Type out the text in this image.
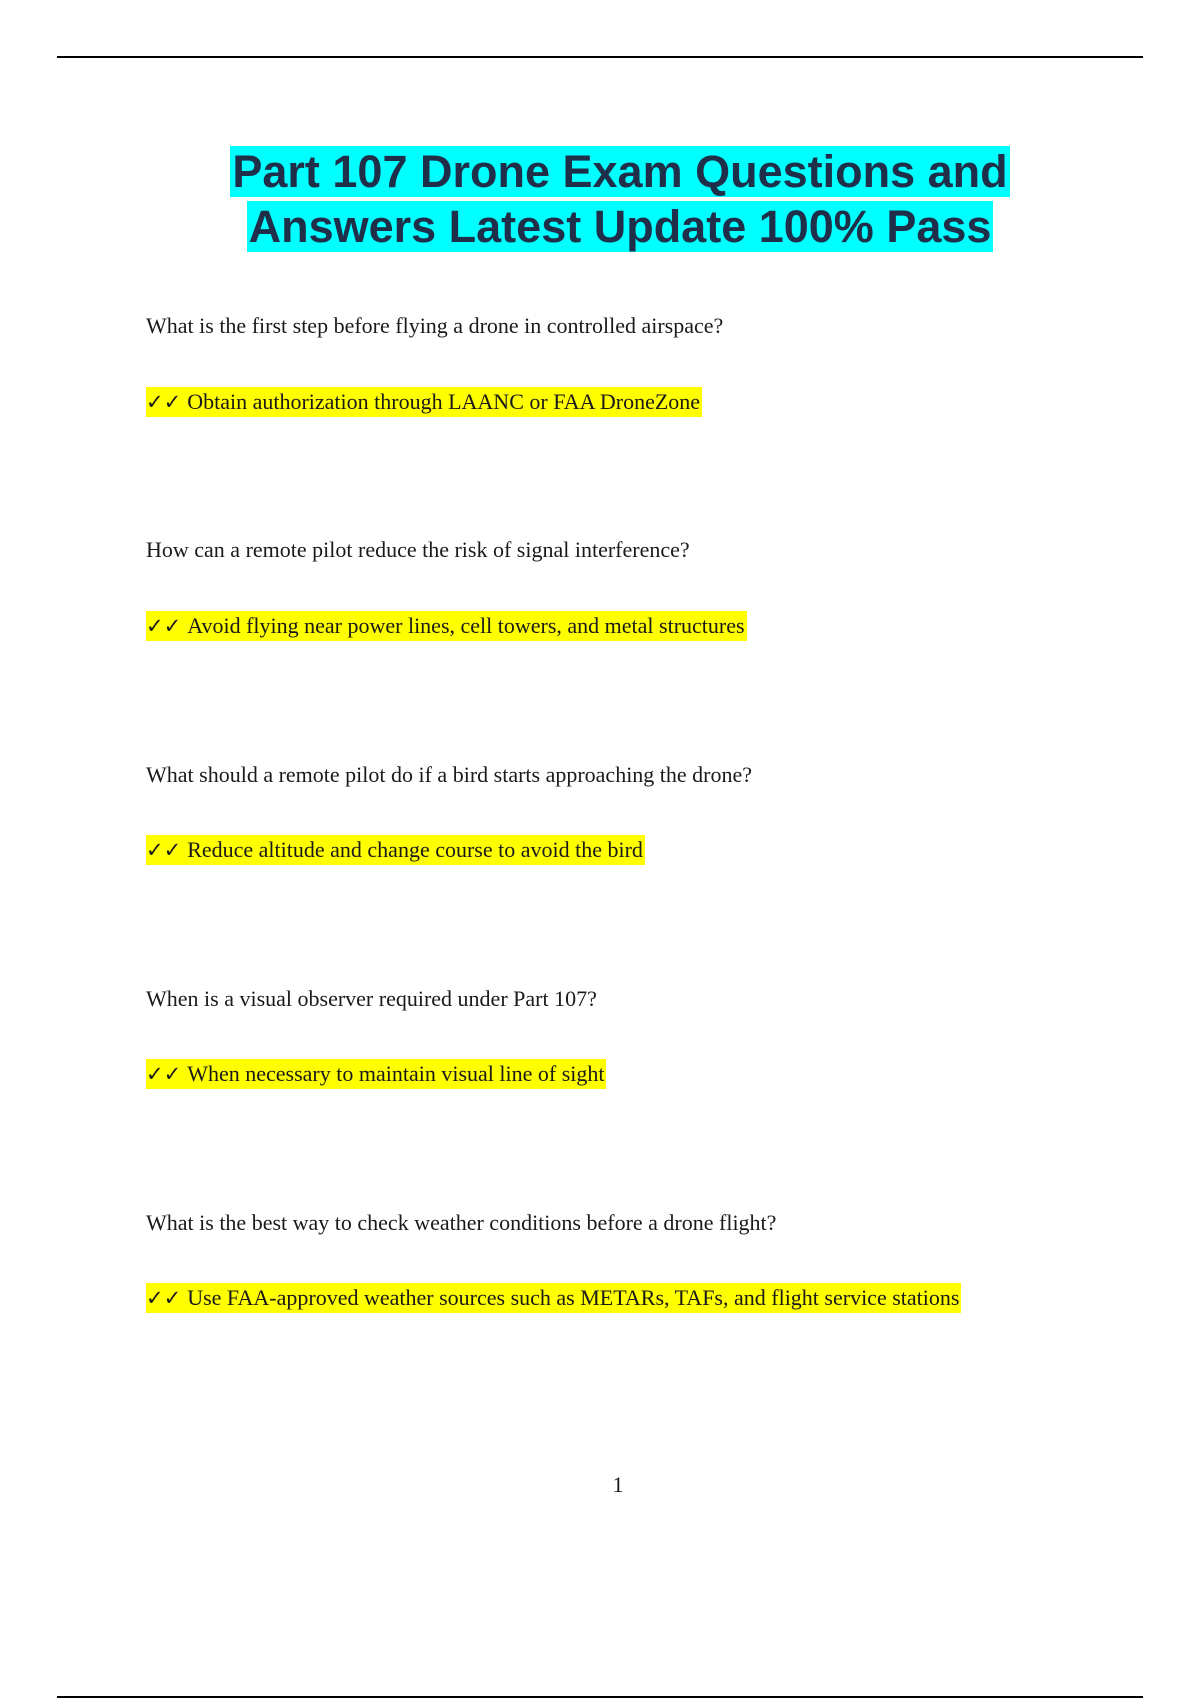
Part 107 Drone Exam Questions and
Answers Latest Update 100% Pass
What is the first step before flying a drone in controlled airspace?
✓✓ Obtain authorization through LAANC or FAA DroneZone
How can a remote pilot reduce the risk of signal interference?
✓✓ Avoid flying near power lines, cell towers, and metal structures
What should a remote pilot do if a bird starts approaching the drone?
✓✓ Reduce altitude and change course to avoid the bird
When is a visual observer required under Part 107?
✓✓ When necessary to maintain visual line of sight
What is the best way to check weather conditions before a drone flight?
✓✓ Use FAA-approved weather sources such as METARs, TAFs, and flight service stations
1
